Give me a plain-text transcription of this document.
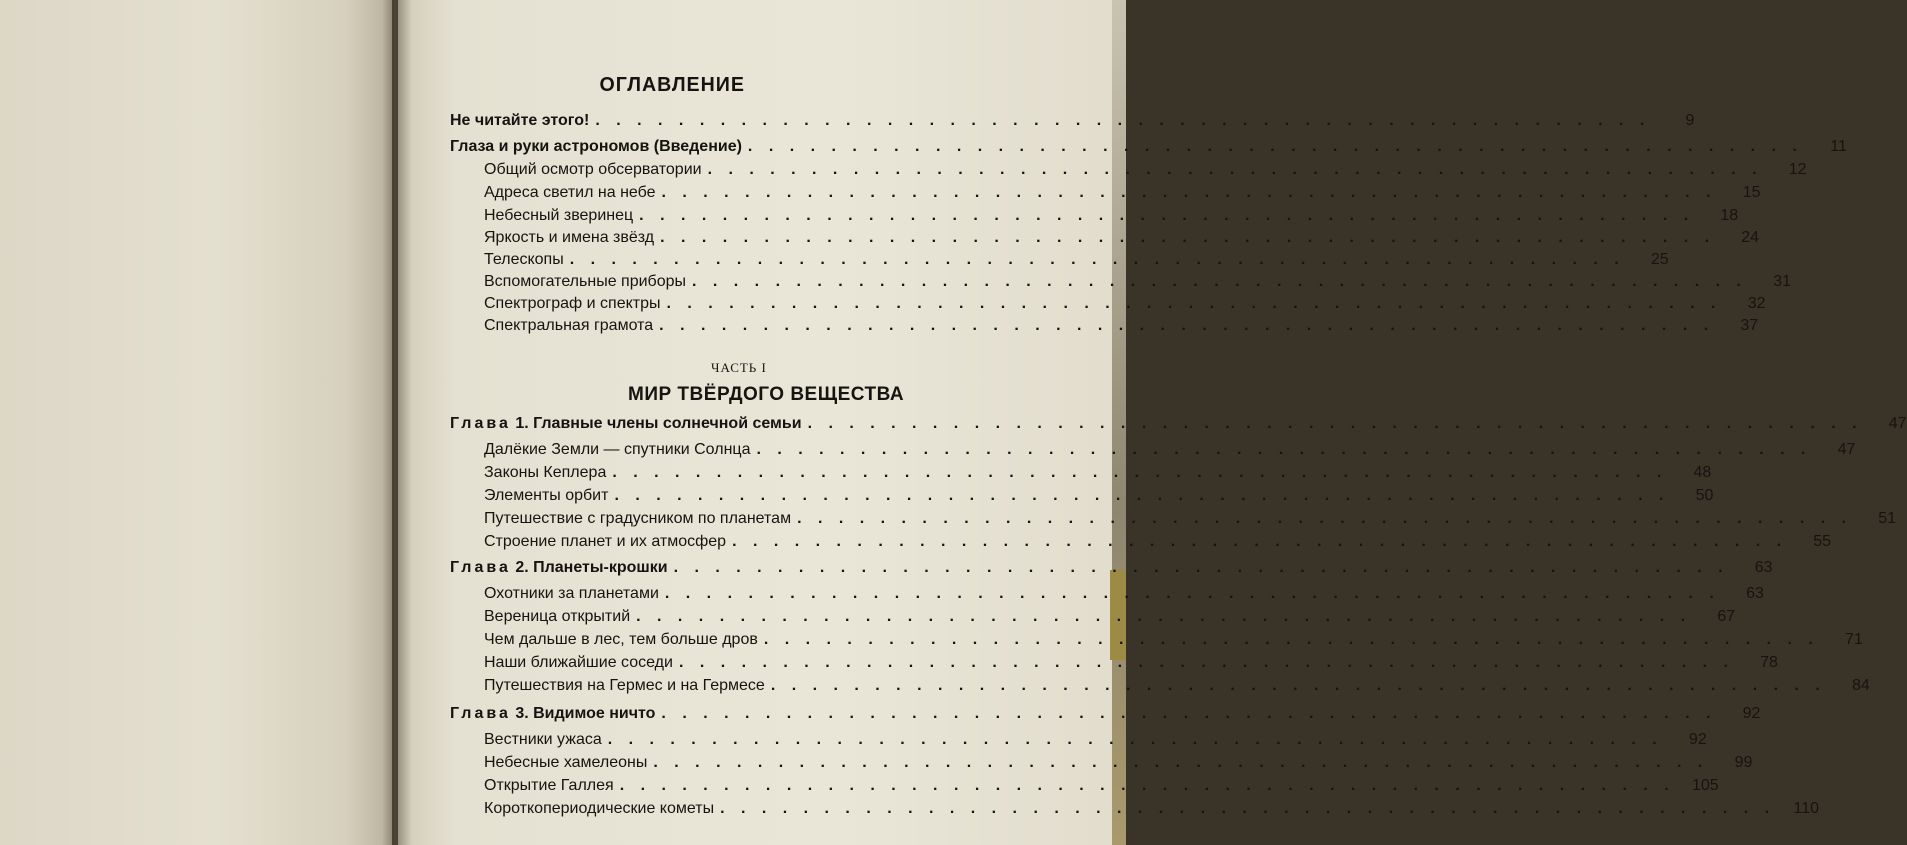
ОГЛАВЛЕНИЕ
Не читайте этого! . . . . . . . . . . . . . . . . . . . . . . . . . . . . . . . . . . . . . . . . . . . . . . . . . . .	9
Глаза и руки астрономов (Введение) . . . . . . . . . . . . . . . . . . . . . . . . . . . . . . . . . . . . . . . . . . . . . . . . . . .	11
Общий осмотр обсерватории . . . . . . . . . . . . . . . . . . . . . . . . . . . . . . . . . . . . . . . . . . . . . . . . . . .	12
Адреса светил на небе . . . . . . . . . . . . . . . . . . . . . . . . . . . . . . . . . . . . . . . . . . . . . . . . . . .	15
Небесный зверинец . . . . . . . . . . . . . . . . . . . . . . . . . . . . . . . . . . . . . . . . . . . . . . . . . . .	18
Яркость и имена звёзд . . . . . . . . . . . . . . . . . . . . . . . . . . . . . . . . . . . . . . . . . . . . . . . . . . .	24
Телескопы . . . . . . . . . . . . . . . . . . . . . . . . . . . . . . . . . . . . . . . . . . . . . . . . . . .	25
Вспомогательные приборы . . . . . . . . . . . . . . . . . . . . . . . . . . . . . . . . . . . . . . . . . . . . . . . . . . .	31
Спектрограф и спектры . . . . . . . . . . . . . . . . . . . . . . . . . . . . . . . . . . . . . . . . . . . . . . . . . . .	32
Спектральная грамота . . . . . . . . . . . . . . . . . . . . . . . . . . . . . . . . . . . . . . . . . . . . . . . . . . .	37
ЧАСТЬ I
МИР ТВЁРДОГО ВЕЩЕСТВА
Глава 1. Главные члены солнечной семьи . . . . . . . . . . . . . . . . . . . . . . . . . . . . . . . . . . . . . . . . . . . . . . . . . . .	47
Далёкие Земли — спутники Солнца . . . . . . . . . . . . . . . . . . . . . . . . . . . . . . . . . . . . . . . . . . . . . . . . . . .	47
Законы Кеплера . . . . . . . . . . . . . . . . . . . . . . . . . . . . . . . . . . . . . . . . . . . . . . . . . . .	48
Элементы орбит . . . . . . . . . . . . . . . . . . . . . . . . . . . . . . . . . . . . . . . . . . . . . . . . . . .	50
Путешествие с градусником по планетам . . . . . . . . . . . . . . . . . . . . . . . . . . . . . . . . . . . . . . . . . . . . . . . . . . .	51
Строение планет и их атмосфер . . . . . . . . . . . . . . . . . . . . . . . . . . . . . . . . . . . . . . . . . . . . . . . . . . .	55
Глава 2. Планеты-крошки . . . . . . . . . . . . . . . . . . . . . . . . . . . . . . . . . . . . . . . . . . . . . . . . . . .	63
Охотники за планетами . . . . . . . . . . . . . . . . . . . . . . . . . . . . . . . . . . . . . . . . . . . . . . . . . . .	63
Вереница открытий . . . . . . . . . . . . . . . . . . . . . . . . . . . . . . . . . . . . . . . . . . . . . . . . . . .	67
Чем дальше в лес, тем больше дров . . . . . . . . . . . . . . . . . . . . . . . . . . . . . . . . . . . . . . . . . . . . . . . . . . .	71
Наши ближайшие соседи . . . . . . . . . . . . . . . . . . . . . . . . . . . . . . . . . . . . . . . . . . . . . . . . . . .	78
Путешествия на Гермес и на Гермесе . . . . . . . . . . . . . . . . . . . . . . . . . . . . . . . . . . . . . . . . . . . . . . . . . . .	84
Глава 3. Видимое ничто . . . . . . . . . . . . . . . . . . . . . . . . . . . . . . . . . . . . . . . . . . . . . . . . . . .	92
Вестники ужаса . . . . . . . . . . . . . . . . . . . . . . . . . . . . . . . . . . . . . . . . . . . . . . . . . . .	92
Небесные хамелеоны . . . . . . . . . . . . . . . . . . . . . . . . . . . . . . . . . . . . . . . . . . . . . . . . . . .	99
Открытие Галлея . . . . . . . . . . . . . . . . . . . . . . . . . . . . . . . . . . . . . . . . . . . . . . . . . . .	105
Короткопериодические кометы . . . . . . . . . . . . . . . . . . . . . . . . . . . . . . . . . . . . . . . . . . . . . . . . . . .	110
